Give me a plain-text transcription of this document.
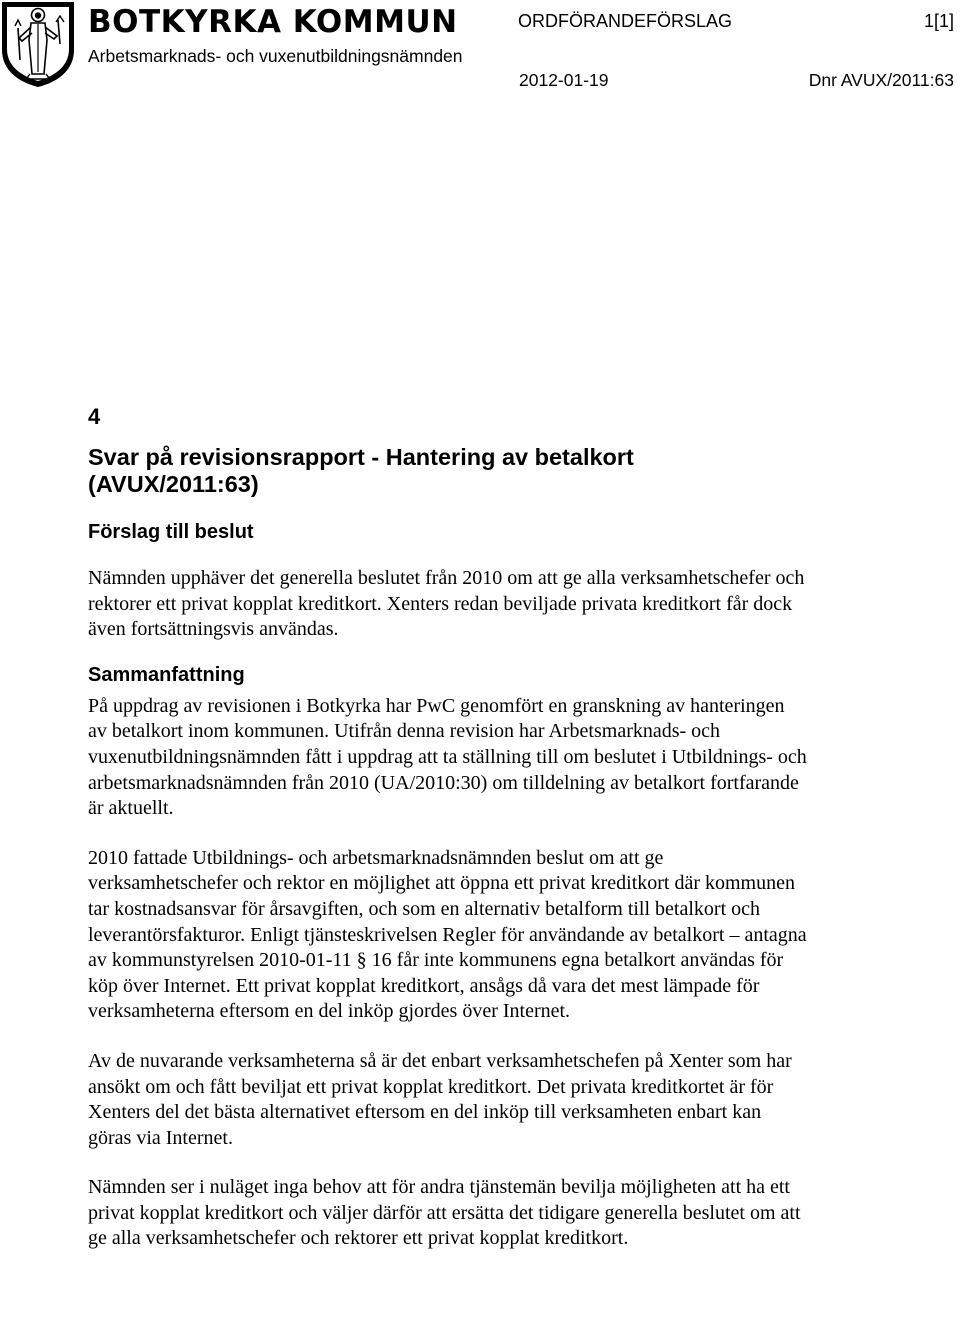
BOTKYRKA KOMMUN
Arbetsmarknads- och vuxenutbildningsnämnden
ORDFÖRANDEFÖRSLAG	1[1]
2012-01-19	Dnr AVUX/2011:63
4
Svar på revisionsrapport - Hantering av betalkort
(AVUX/2011:63)
Förslag till beslut

Nämnden upphäver det generella beslutet från 2010 om att ge alla verksamhetschefer och rektorer ett privat kopplat kreditkort. Xenters redan beviljade privata kreditkort får dock även fortsättningsvis användas.

Sammanfattning

På uppdrag av revisionen i Botkyrka har PwC genomfört en granskning av hanteringen av betalkort inom kommunen. Utifrån denna revision har Arbetsmarknads- och vuxenutbildningsnämnden fått i uppdrag att ta ställning till om beslutet i Utbildnings- och arbetsmarknadsnämnden från 2010 (UA/2010:30) om tilldelning av betalkort fortfarande är aktuellt.

2010 fattade Utbildnings- och arbetsmarknadsnämnden beslut om att ge verksamhetschefer och rektor en möjlighet att öppna ett privat kreditkort där kommunen tar kostnadsansvar för årsavgiften, och som en alternativ betalform till betalkort och leverantörsfakturor. Enligt tjänsteskrivelsen Regler för användande av betalkort – antagna av kommunstyrelsen 2010-01-11 § 16 får inte kommunens egna betalkort användas för köp över Internet. Ett privat kopplat kreditkort, ansågs då vara det mest lämpade för verksamheterna eftersom en del inköp gjordes över Internet.

Av de nuvarande verksamheterna så är det enbart verksamhetschefen på Xenter som har ansökt om och fått beviljat ett privat kopplat kreditkort. Det privata kreditkortet är för Xenters del det bästa alternativet eftersom en del inköp till verksamheten enbart kan göras via Internet.

Nämnden ser i nuläget inga behov att för andra tjänstemän bevilja möjligheten att ha ett privat kopplat kreditkort och väljer därför att ersätta det tidigare generella beslutet om att ge alla verksamhetschefer och rektorer ett privat kopplat kreditkort.
